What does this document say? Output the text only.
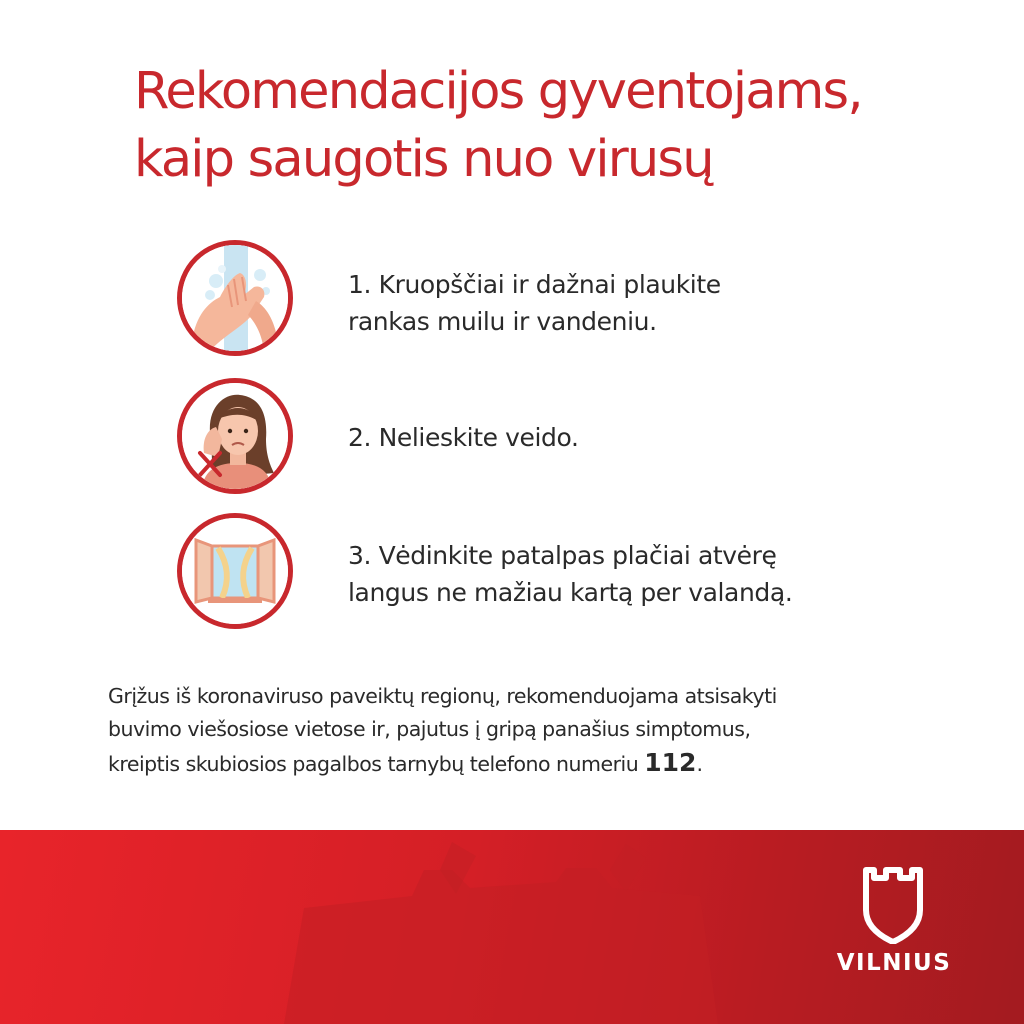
Rekomendacijos gyventojams,
kaip saugotis nuo virusų
1. Kruopščiai ir dažnai plaukite
rankas muilu ir vandeniu.
2. Nelieskite veido.
3. Vėdinkite patalpas plačiai atvėrę
langus ne mažiau kartą per valandą.
Grįžus iš koronaviruso paveiktų regionų, rekomenduojama atsisakyti
buvimo viešosiose vietose ir, pajutus į gripą panašius simptomus,
kreiptis skubiosios pagalbos tarnybų telefono numeriu 112.
VILNIUS
